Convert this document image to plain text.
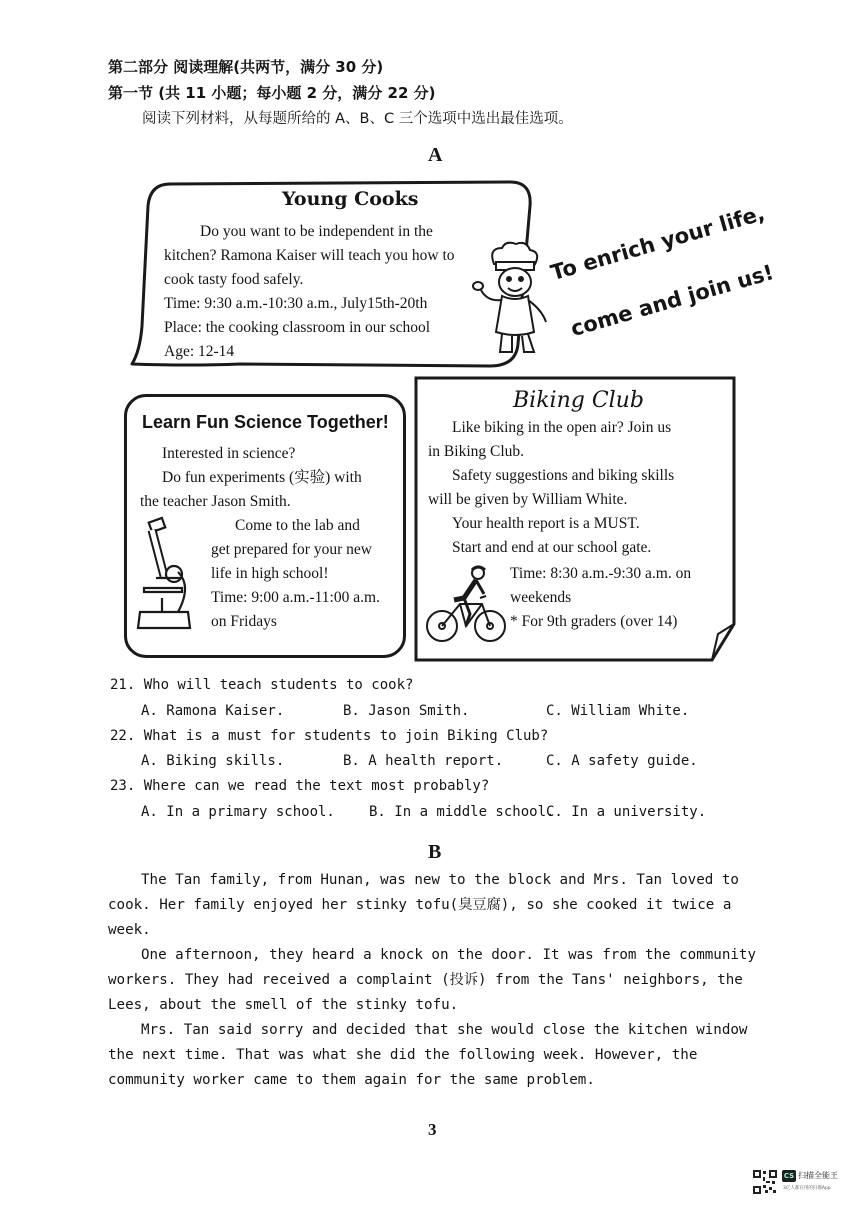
第二部分 阅读理解(共两节，满分 30 分)
第一节 (共 11 小题；每小题 2 分，满分 22 分)
阅读下列材料，从每题所给的 A、B、C 三个选项中选出最佳选项。
A
Young Cooks

Do you want to be independent in the

kitchen? Ramona Kaiser will teach you how to

cook tasty food safely.

Time: 9:30 a.m.-10:30 a.m., July15th-20th

Place: the cooking classroom in our school

Age: 12-14

To enrich your life,
come and join us!
Learn Fun Science Together!

Interested in science?

Do fun experiments (实验) with

the teacher Jason Smith.

Come to the lab and

get prepared for your new

life in high school!

Time: 9:00 a.m.-11:00 a.m.

on Fridays

Biking Club

Like biking in the open air? Join us

in Biking Club.

Safety suggestions and biking skills

will be given by William White.

Your health report is a MUST.

Start and end at our school gate.

Time: 8:30 a.m.-9:30 a.m. on

weekends

* For 9th graders (over 14)

21. Who will teach students to cook?
A. Ramona Kaiser.	B. Jason Smith.	C. William White.
22. What is a must for students to join Biking Club?
A. Biking skills.	B. A health report.	C. A safety guide.
23. Where can we read the text most probably?
A. In a primary school. B. In a middle school.
C. In a university.
B

The Tan family, from Hunan, was new to the block and Mrs. Tan loved to cook. Her family enjoyed her stinky tofu(臭豆腐), so she cooked it twice a week.

One afternoon, they heard a knock on the door. It was from the community workers. They had received a complaint (投诉) from the Tans' neighbors, the Lees, about the smell of the stinky tofu.

Mrs. Tan said sorry and decided that she would close the kitchen window the next time. That was what she did the following week. However, the community worker came to them again for the same problem.

3
CS 扫描全能王
3亿人都在用的扫描App
